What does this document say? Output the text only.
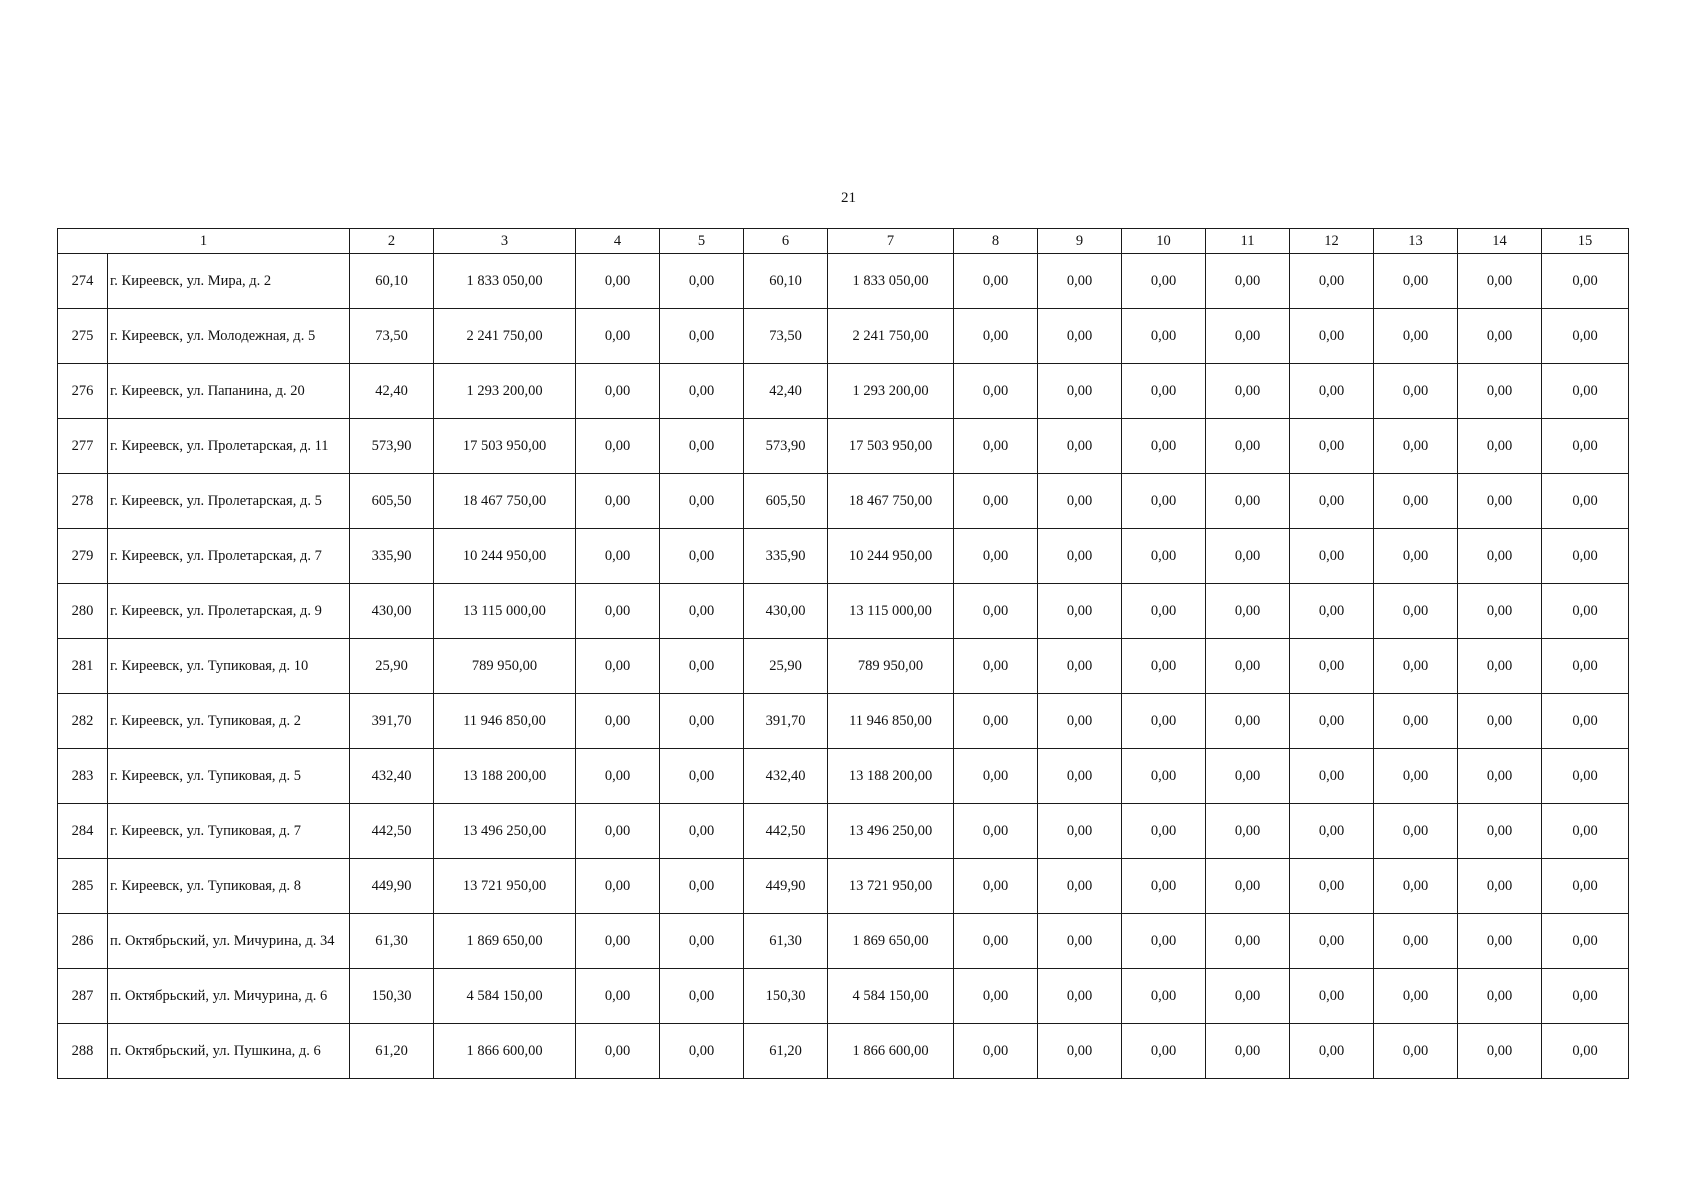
21
1		2	3	4	5	6	7	8	9	10	11	12	13	14	15
274	г. Киреевск, ул. Мира, д. 2	60,10	1 833 050,00	0,00	0,00	60,10	1 833 050,00	0,00	0,00	0,00	0,00	0,00	0,00	0,00	0,00
275	г. Киреевск, ул. Молодежная, д. 5	73,50	2 241 750,00	0,00	0,00	73,50	2 241 750,00	0,00	0,00	0,00	0,00	0,00	0,00	0,00	0,00
276	г. Киреевск, ул. Папанина, д. 20	42,40	1 293 200,00	0,00	0,00	42,40	1 293 200,00	0,00	0,00	0,00	0,00	0,00	0,00	0,00	0,00
277	г. Киреевск, ул. Пролетарская, д. 11	573,90	17 503 950,00	0,00	0,00	573,90	17 503 950,00	0,00	0,00	0,00	0,00	0,00	0,00	0,00	0,00
278	г. Киреевск, ул. Пролетарская, д. 5	605,50	18 467 750,00	0,00	0,00	605,50	18 467 750,00	0,00	0,00	0,00	0,00	0,00	0,00	0,00	0,00
279	г. Киреевск, ул. Пролетарская, д. 7	335,90	10 244 950,00	0,00	0,00	335,90	10 244 950,00	0,00	0,00	0,00	0,00	0,00	0,00	0,00	0,00
280	г. Киреевск, ул. Пролетарская, д. 9	430,00	13 115 000,00	0,00	0,00	430,00	13 115 000,00	0,00	0,00	0,00	0,00	0,00	0,00	0,00	0,00
281	г. Киреевск, ул. Тупиковая, д. 10	25,90	789 950,00	0,00	0,00	25,90	789 950,00	0,00	0,00	0,00	0,00	0,00	0,00	0,00	0,00
282	г. Киреевск, ул. Тупиковая, д. 2	391,70	11 946 850,00	0,00	0,00	391,70	11 946 850,00	0,00	0,00	0,00	0,00	0,00	0,00	0,00	0,00
283	г. Киреевск, ул. Тупиковая, д. 5	432,40	13 188 200,00	0,00	0,00	432,40	13 188 200,00	0,00	0,00	0,00	0,00	0,00	0,00	0,00	0,00
284	г. Киреевск, ул. Тупиковая, д. 7	442,50	13 496 250,00	0,00	0,00	442,50	13 496 250,00	0,00	0,00	0,00	0,00	0,00	0,00	0,00	0,00
285	г. Киреевск, ул. Тупиковая, д. 8	449,90	13 721 950,00	0,00	0,00	449,90	13 721 950,00	0,00	0,00	0,00	0,00	0,00	0,00	0,00	0,00
286	п. Октябрьский, ул. Мичурина, д. 34	61,30	1 869 650,00	0,00	0,00	61,30	1 869 650,00	0,00	0,00	0,00	0,00	0,00	0,00	0,00	0,00
287	п. Октябрьский, ул. Мичурина, д. 6	150,30	4 584 150,00	0,00	0,00	150,30	4 584 150,00	0,00	0,00	0,00	0,00	0,00	0,00	0,00	0,00
288	п. Октябрьский, ул. Пушкина, д. 6	61,20	1 866 600,00	0,00	0,00	61,20	1 866 600,00	0,00	0,00	0,00	0,00	0,00	0,00	0,00	0,00
